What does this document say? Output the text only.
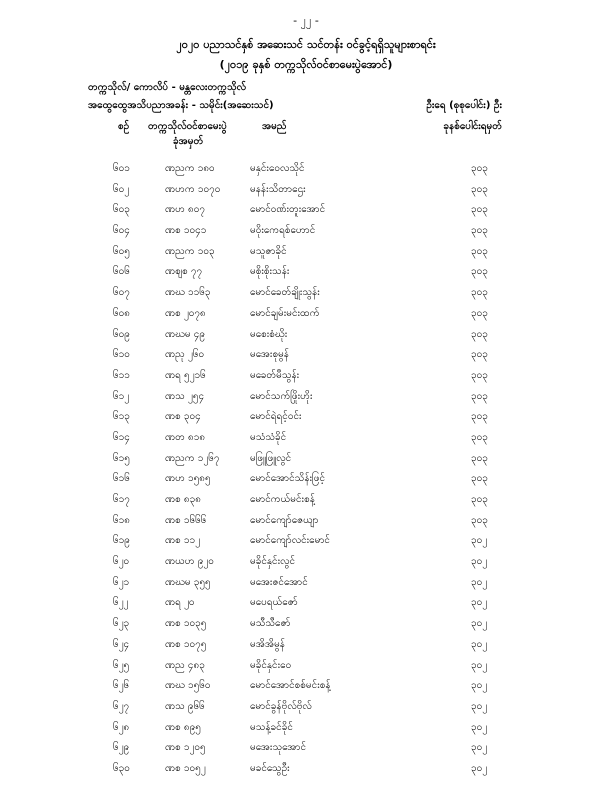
- ၂၂ -
၂၀၂၀ ပညာသင်နှစ် အဆေးသင် သင်တန်း ဝင်ခွင့်ရရှိသူများစာရင်း
(၂၀၁၉ ခုနှစ် တက္ကသိုလ်ဝင်စာမေးပွဲအောင်)
တက္ကသိုလ်/ ကောလိပ် - မန္တလေးတက္ကသိုလ်
အထွေထွေအသိပညာအခန်း - သမိုင်း(အဆေးသင်)	ဦးရေ (စုစုပေါင်း) ဦး
စဉ် တက္ကသိုလ်ဝင်စာမေးပွဲ
ခုံအမှတ်
အမည်	ခုနစ်ပေါင်းရမှတ်
၆၀၁	ဏညက ၁၈၀	မနှင်းဝေလသိုင်	၃၀၃
၆၀၂	ဏဟက ၁၀၇၀	မနန်းသိတာဌေး	၃၀၃
၆၀၃	ဏဟ ၈၀၇	မောင်ဝဏ်းတူးအောင်	၃၀၃
၆၀၄	ဏစ ၁၀၄၁	မဝိုးကေရစ်ဟောင်	၃၀၃
၆၀၅	ဏညက ၁၀၃	မသူဇာခိုင်	၃၀၃
၆၀၆	ဏဈစ ၇၇	မစိုးစိုးသန်း	၃၀၃
၆၀၇	ဏဃ ၁၁၆၃	မောင်ခေတ်ချိုးသွန်း	၃၀၃
၆၀၈	ဏစ ၂၀၇၈	မောင်ချမ်းမင်းထက်	၃၀၃
၆၀၉	ဏဃမ ၄၉	မစေးစံဃိုး	၃၀၃
၆၁၀	ဏညု ၂၆၀	မအေးစုမွန်	၃၀၃
၆၁၁	ဏရ ၅၂၁၆	မခေတ်မီသွန်း	၃၀၃
၆၁၂	ဏသ ၂၅၄	မောင်သက်ဖြိုးဟိုး	၃၀၃
၆၁၃	ဏစ ၃၀၄	မောင်ရဲရင့်ဝင်း	၃၀၃
၆၁၄	ဏတ ၈၁၈	မသံသံခိုင်	၃၀၃
၆၁၅	ဏညက ၁၂၆၇	မဖြူဖြူလွင်	၃၀၃
၆၁၆	ဏဟ ၁၅၈၅	မောင်အောင်သိန်းဖြင့်	၃၀၃
၆၁၇	ဏစ ၈၃၈	မောင်ကယ်မင်းစန့်	၃၀၃
၆၁၈	ဏစ ၁၆၆၆	မောင်ကျော်ဇေယျာ	၃၀၃
၆၁၉	ဏစ ၁၁၂	မောင်ကျော်လင်းမောင်	၃၀၂
၆၂၀	ဏယဟ ၉၂၀	မခိုင်နှင်းလွင်	၃၀၂
၆၂၁	ဏဃမ ၃၅၅	မအေးဇင်အောင်	၃၀၂
၆၂၂	ဏရ ၂၀	မပေရယ်ဇော်	၃၀၂
၆၂၃	ဏစ ၁၀၃၅	မသီသီဇော်	၃၀၂
၆၂၄	ဏစ ၁၀၇၅	မအိအိမွန်	၃၀၂
၆၂၅	ဏည ၄၈၃	မခိုင်နှင်းဝေ	၃၀၂
၆၂၆	ဏဃ ၁၅၆၀	မောင်အောင်စစ်မင်းစန့်	၃၀၂
၆၂၇	ဏသ ၉၆၆	မောင်ခွန်ဗိုလ်ဗိုလ်	၃၀၂
၆၂၈	ဏစ ၈၉၅	မသန့်ခင်ခိုင်	၃၀၂
၆၂၉	ဏစ ၁၂၀၅	မအေးသုအောင်	၃၀၂
၆၃၀	ဏစ ၁၀၅၂	မခင်သွေဦး	၃၀၂
